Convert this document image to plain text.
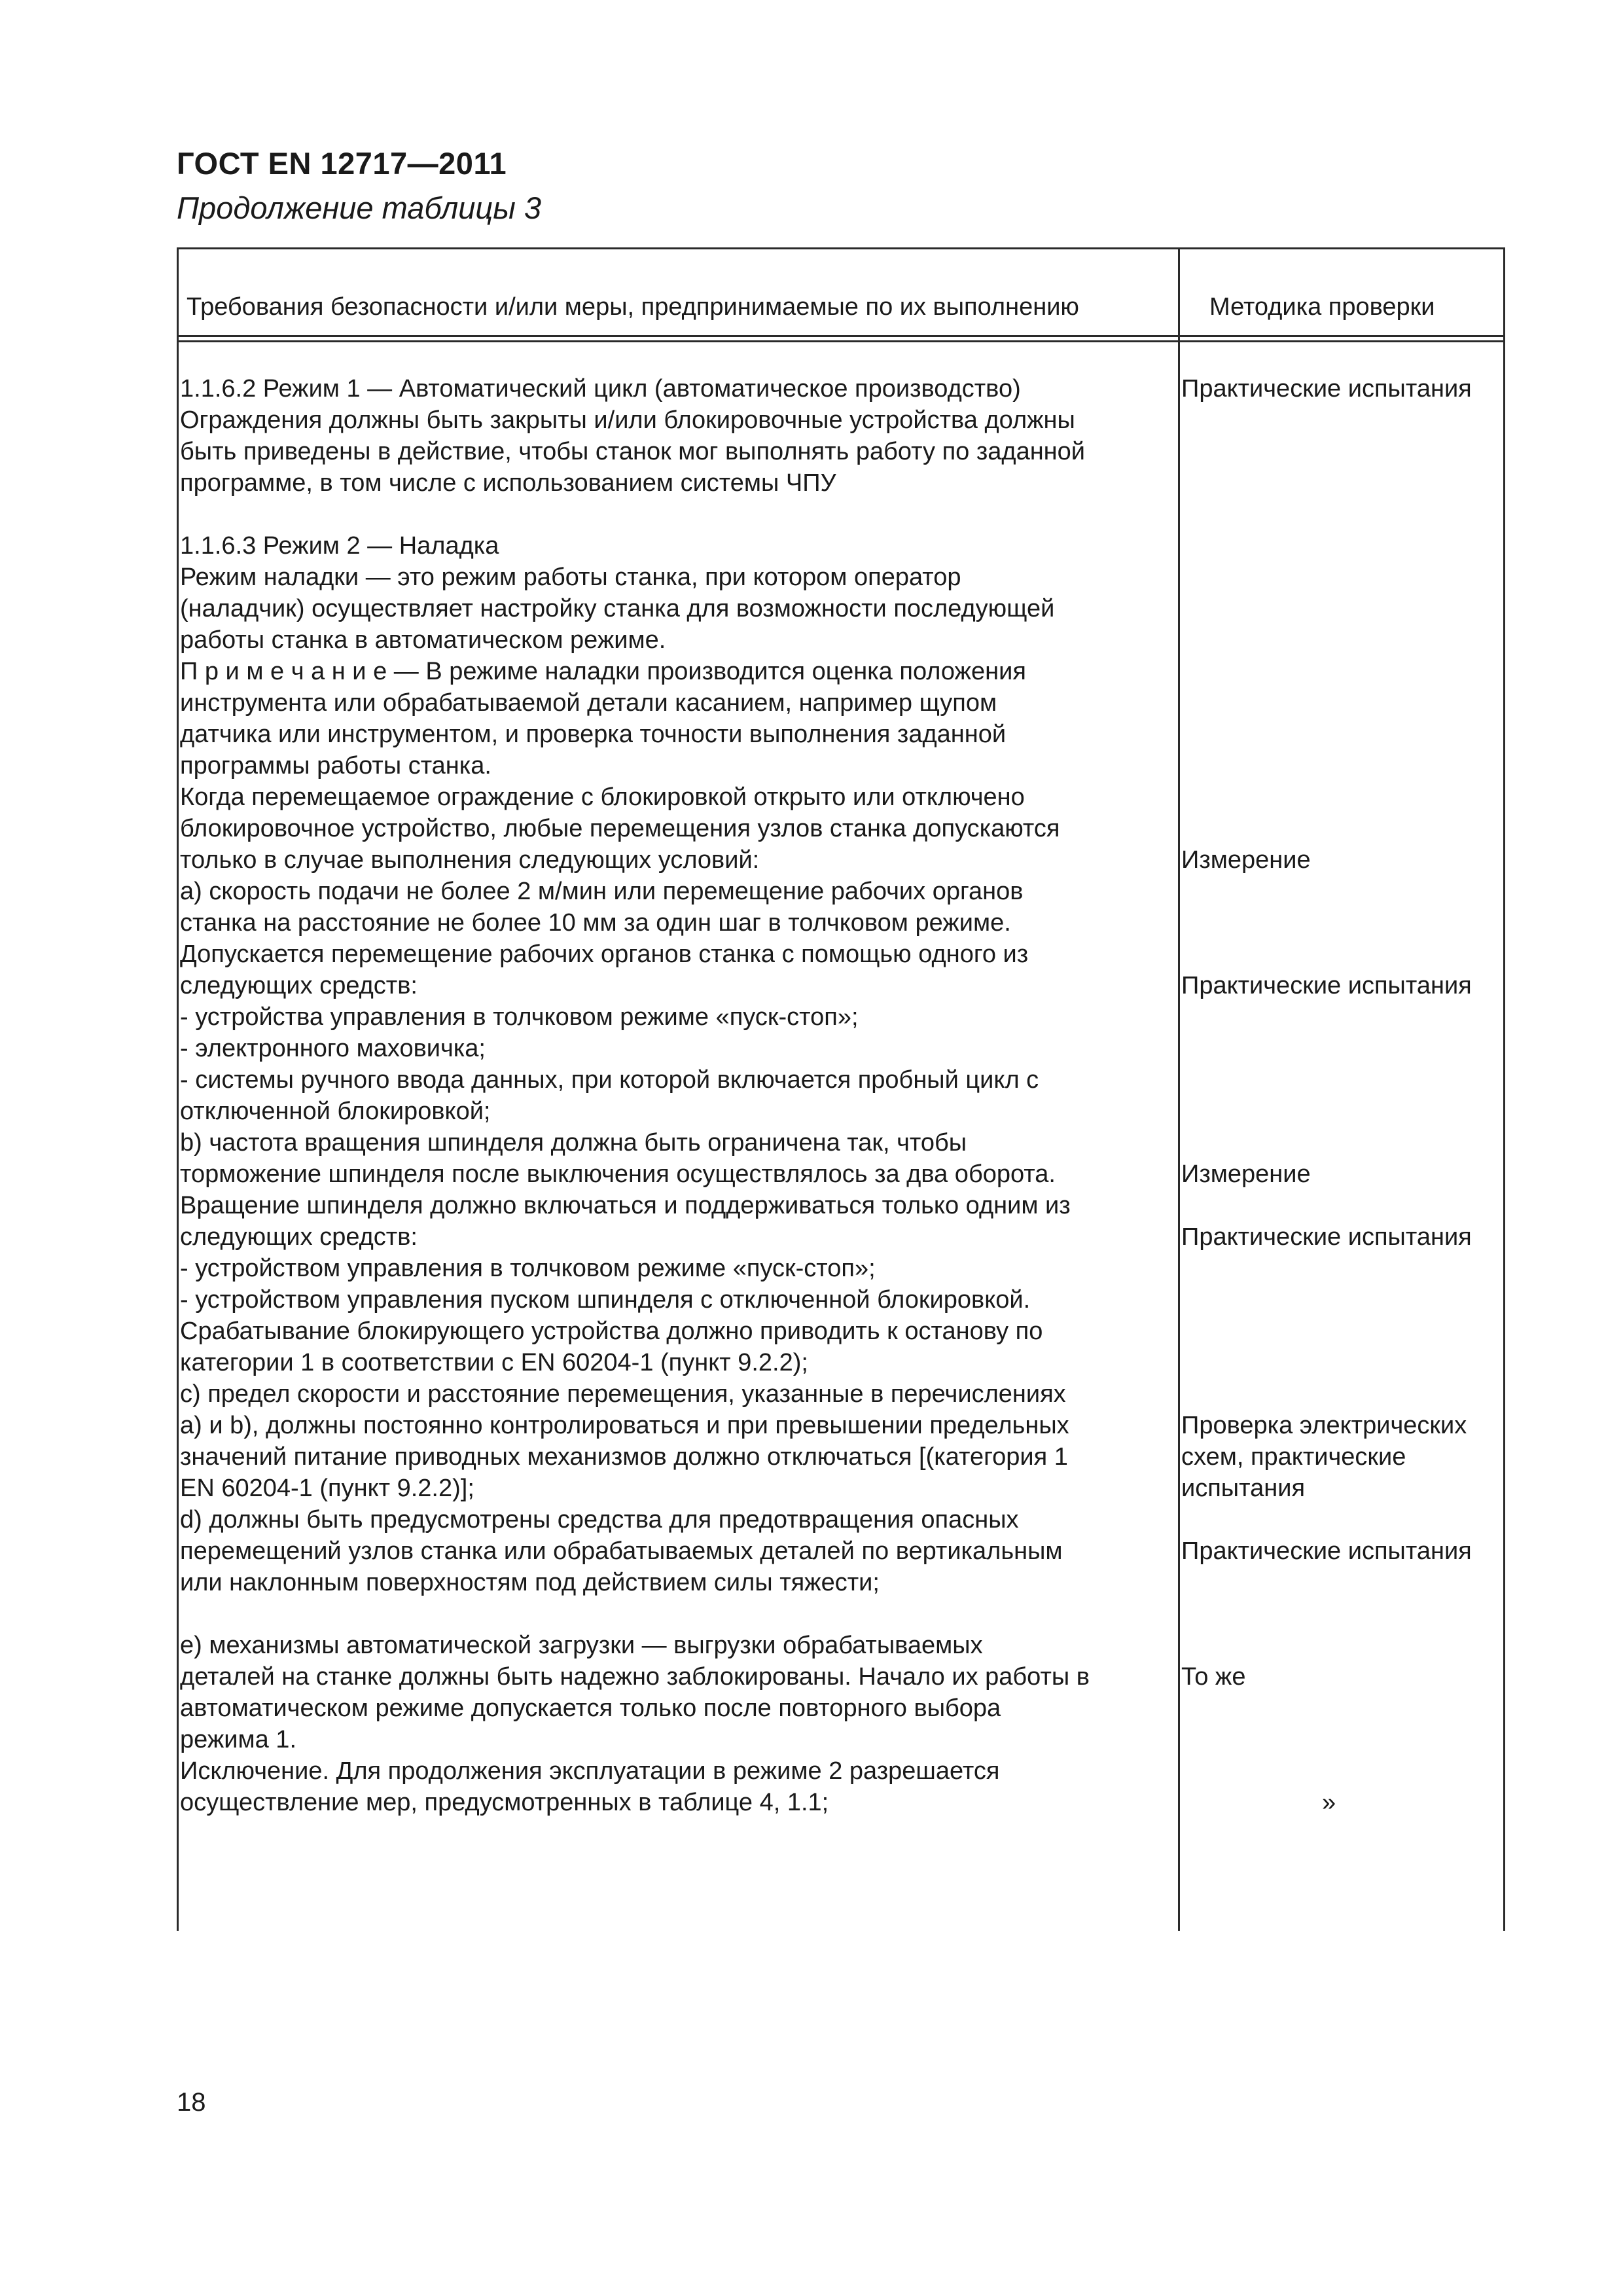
ГОСТ EN 12717—2011
Продолжение таблицы 3
Требования безопасности и/или меры, предпринимаемые по их выполнению	Методика проверки
1.1.6.2 Режим 1 — Автоматический цикл (автоматическое производство)
Ограждения должны быть закрыты и/или блокировочные устройства должны
быть приведены в действие, чтобы станок мог выполнять работу по заданной
программе, в том числе с использованием системы ЧПУ
1.1.6.3 Режим 2 — Наладка
Режим наладки — это режим работы станка, при котором оператор
(наладчик) осуществляет настройку станка для возможности последующей
работы станка в автоматическом режиме.
П р и м е ч а н и е — В режиме наладки производится оценка положения
инструмента или обрабатываемой детали касанием, например щупом
датчика или инструментом, и проверка точности выполнения заданной
программы работы станка.
Когда перемещаемое ограждение с блокировкой открыто или отключено
блокировочное устройство, любые перемещения узлов станка допускаются
только в случае выполнения следующих условий:
a) скорость подачи не более 2 м/мин или перемещение рабочих органов
станка на расстояние не более 10 мм за один шаг в толчковом режиме.
Допускается перемещение рабочих органов станка с помощью одного из
следующих средств:
- устройства управления в толчковом режиме «пуск-стоп»;
- электронного маховичка;
- системы ручного ввода данных, при которой включается пробный цикл с
отключенной блокировкой;
b) частота вращения шпинделя должна быть ограничена так, чтобы
торможение шпинделя после выключения осуществлялось за два оборота.
Вращение шпинделя должно включаться и поддерживаться только одним из
следующих средств:
- устройством управления в толчковом режиме «пуск-стоп»;
- устройством управления пуском шпинделя с отключенной блокировкой.
Срабатывание блокирующего устройства должно приводить к останову по
категории 1 в соответствии с EN 60204-1 (пункт 9.2.2);
c) предел скорости и расстояние перемещения, указанные в перечислениях
a) и b), должны постоянно контролироваться и при превышении предельных
значений питание приводных механизмов должно отключаться [(категория 1
EN 60204-1 (пункт 9.2.2)];
d) должны быть предусмотрены средства для предотвращения опасных
перемещений узлов станка или обрабатываемых деталей по вертикальным
или наклонным поверхностям под действием силы тяжести;
e) механизмы автоматической загрузки — выгрузки обрабатываемых
деталей на станке должны быть надежно заблокированы. Начало их работы в
автоматическом режиме допускается только после повторного выбора
режима 1.
Исключение. Для продолжения эксплуатации в режиме 2 разрешается
осуществление мер, предусмотренных в таблице 4, 1.1;
Практические испытания
Измерение
Практические испытания
Измерение
Практические испытания
Проверка электрических
схем, практические
испытания
Практические испытания
То же
»
18
